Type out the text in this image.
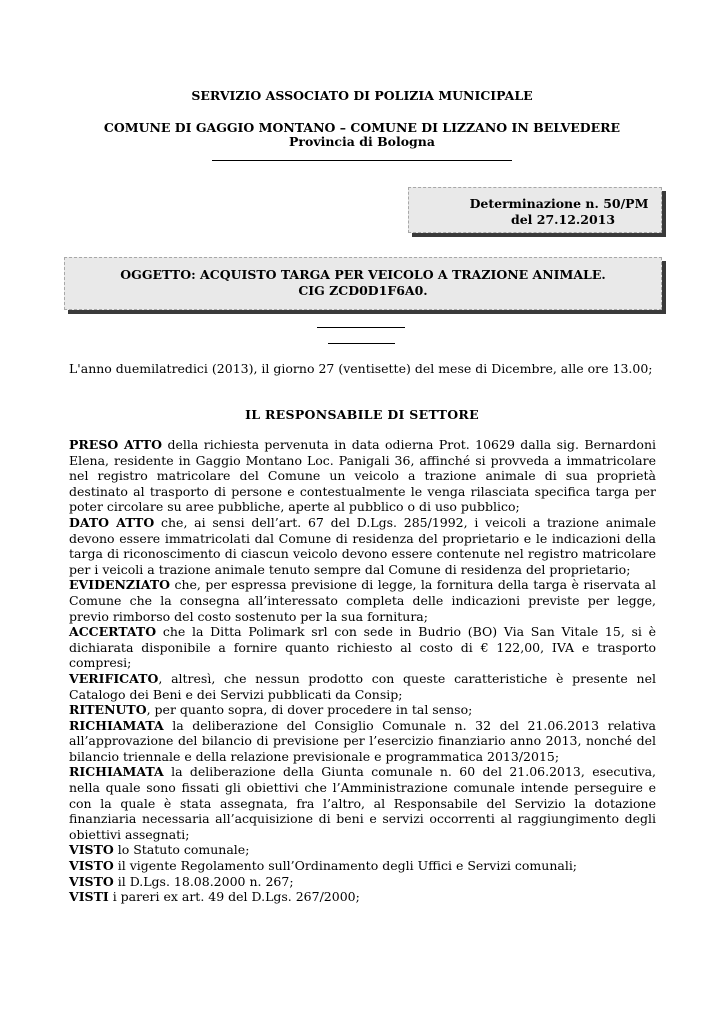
SERVIZIO ASSOCIATO DI POLIZIA MUNICIPALE
COMUNE DI GAGGIO MONTANO – COMUNE DI LIZZANO IN BELVEDERE
Provincia di Bologna
Determinazione n. 50/PM
del 27.12.2013
OGGETTO: ACQUISTO TARGA PER VEICOLO A TRAZIONE ANIMALE.
CIG ZCD0D1F6A0.
L'anno duemilatredici (2013), il giorno 27 (ventisette) del mese di Dicembre, alle ore 13.00;
IL RESPONSABILE DI SETTORE

PRESO ATTO della richiesta pervenuta in data odierna Prot. 10629 dalla sig. Bernardoni Elena, residente in Gaggio Montano Loc. Panigali 36, affinché si provveda a immatricolare nel registro matricolare del Comune un veicolo a trazione animale di sua proprietà destinato al trasporto di persone e contestualmente le venga rilasciata specifica targa per poter circolare su aree pubbliche, aperte al pubblico o di uso pubblico;

DATO ATTO che, ai sensi dell’art. 67 del D.Lgs. 285/1992, i veicoli a trazione animale devono essere immatricolati dal Comune di residenza del proprietario e le indicazioni della targa di riconoscimento di ciascun veicolo devono essere contenute nel registro matricolare per i veicoli a trazione animale tenuto sempre dal Comune di residenza del proprietario;

EVIDENZIATO che, per espressa previsione di legge, la fornitura della targa è riservata al Comune che la consegna all’interessato completa delle indicazioni previste per legge, previo rimborso del costo sostenuto per la sua fornitura;

ACCERTATO che la Ditta Polimark srl con sede in Budrio (BO) Via San Vitale 15, si è dichiarata disponibile a fornire quanto richiesto al costo di € 122,00, IVA e trasporto compresi;

VERIFICATO, altresì, che nessun prodotto con queste caratteristiche è presente nel Catalogo dei Beni e dei Servizi pubblicati da Consip;

RITENUTO, per quanto sopra, di dover procedere in tal senso;

RICHIAMATA la deliberazione del Consiglio Comunale n. 32 del 21.06.2013 relativa all’approvazione del bilancio di previsione per l’esercizio finanziario anno 2013, nonché del bilancio triennale e della relazione previsionale e programmatica 2013/2015;

RICHIAMATA la deliberazione della Giunta comunale n. 60 del 21.06.2013, esecutiva, nella quale sono fissati gli obiettivi che l’Amministrazione comunale intende perseguire e con la quale è stata assegnata, fra l’altro, al Responsabile del Servizio la dotazione finanziaria necessaria all’acquisizione di beni e servizi occorrenti al raggiungimento degli obiettivi assegnati;

VISTO lo Statuto comunale;

VISTO il vigente Regolamento sull’Ordinamento degli Uffici e Servizi comunali;

VISTO il D.Lgs. 18.08.2000 n. 267;

VISTI i pareri ex art. 49 del D.Lgs. 267/2000;
